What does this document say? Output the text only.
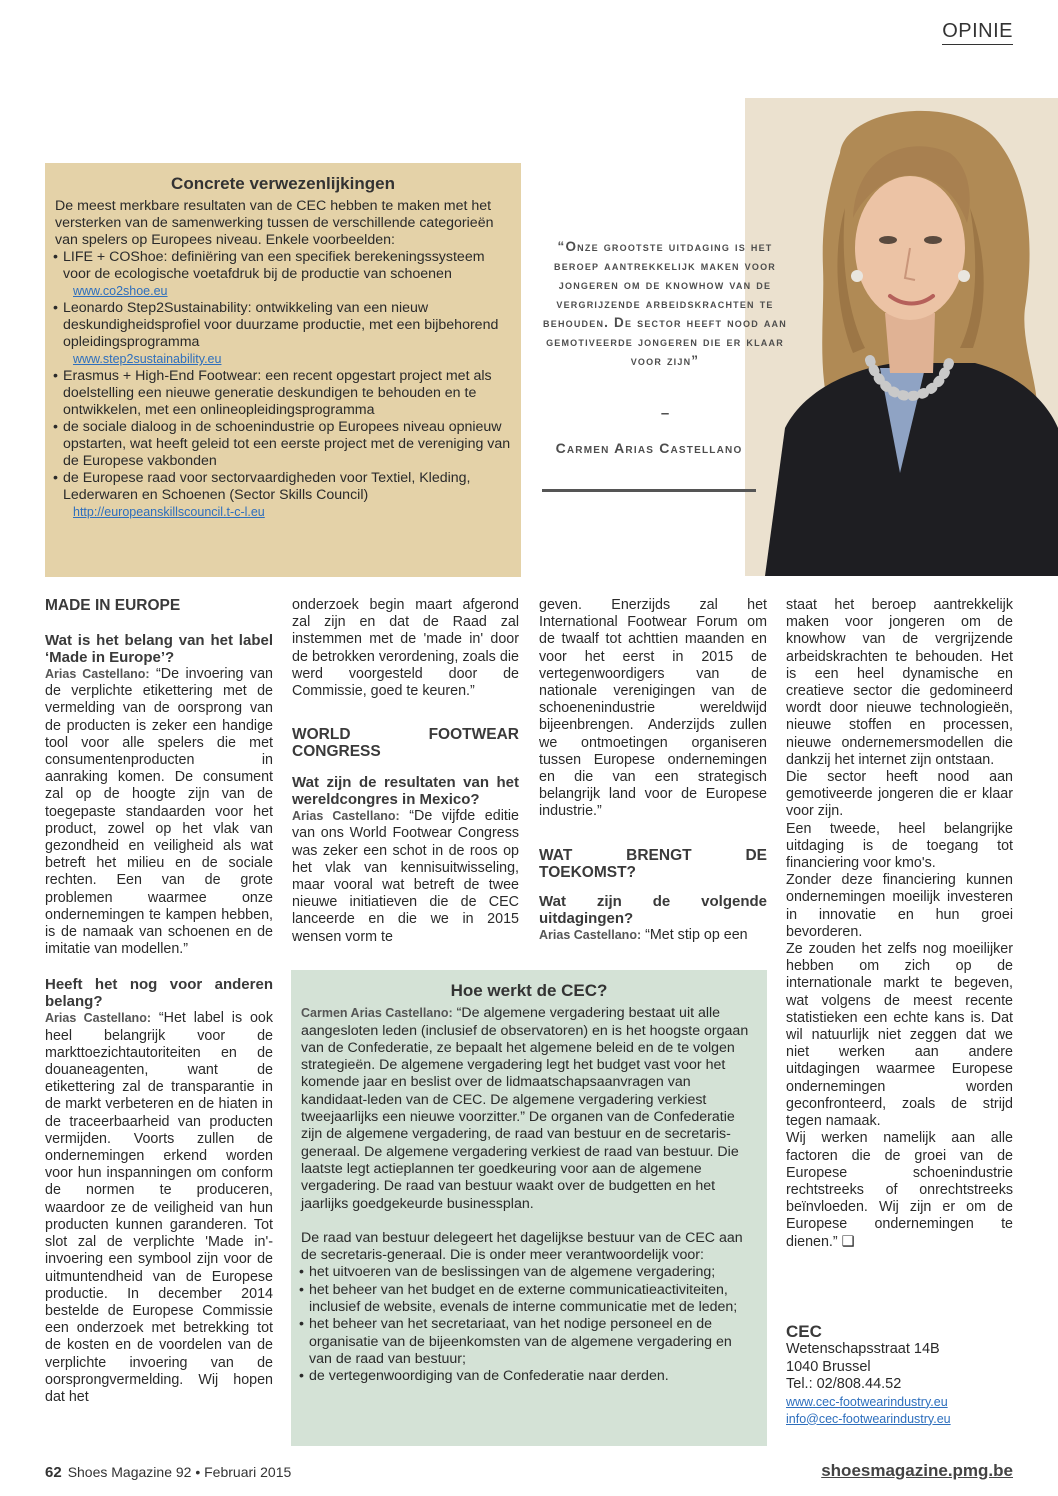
OPINIE
Concrete verwezenlijkingen

De meest merkbare resultaten van de CEC hebben te maken met het versterken van de samenwerking tussen de verschillende categorieën van spelers op Europees niveau. Enkele voorbeelden:

• LIFE + COShoe: definiëring van een specifiek berekeningssysteem voor de ecologische voetafdruk bij de productie van schoenen
www.co2shoe.eu
• Leonardo Step2Sustainability: ontwikkeling van een nieuw deskundigheidsprofiel voor duurzame productie, met een bijbehorend opleidingsprogramma
www.step2sustainability.eu
• Erasmus + High-End Footwear: een recent opgestart project met als doelstelling een nieuwe generatie deskundigen te behouden en te ontwikkelen, met een onlineopleidingsprogramma
• de sociale dialoog in de schoenindustrie op Europees niveau opnieuw opstarten, wat heeft geleid tot een eerste project met de vereniging van de Europese vakbonden
• de Europese raad voor sectorvaardigheden voor Textiel, Kleding, Lederwaren en Schoenen (Sector Skills Council)
http://europeanskillscouncil.t-c-l.eu
“Onze grootste uitdaging is het beroep aantrekkelijk maken voor jongeren om de knowhow van de vergrijzende arbeidskrachten te behouden. De sector heeft nood aan gemotiveerde jongeren die er klaar voor zijn”
–
Carmen Arias Castellano

MADE IN EUROPE

Wat is het belang van het label ‘Made in Europe’?

Arias Castellano: “De invoering van de verplichte etikettering met de vermelding van de oorsprong van de producten is zeker een handige tool voor alle spelers die met consumentenproducten in aanraking komen. De consument zal op de hoogte zijn van de toegepaste standaarden voor het product, zowel op het vlak van gezondheid en veiligheid als wat betreft het milieu en de sociale rechten. Een van de grote problemen waarmee onze ondernemingen te kampen hebben, is de namaak van schoenen en de imitatie van modellen.”

Heeft het nog voor anderen belang?

Arias Castellano: “Het label is ook heel belangrijk voor de markttoezichtautoriteiten en de douaneagenten, want de etikettering zal de transparantie in de markt verbeteren en de hiaten in de traceerbaarheid van producten vermijden. Voorts zullen de ondernemingen erkend worden voor hun inspanningen om conform de normen te produceren, waardoor ze de veiligheid van hun producten kunnen garanderen. Tot slot zal de verplichte 'Made in'-invoering een symbool zijn voor de uitmuntendheid van de Europese productie. In december 2014 bestelde de Europese Commissie een onderzoek met betrekking tot de kosten en de voordelen van de verplichte invoering van de oorsprongvermelding. Wij hopen dat het

onderzoek begin maart afgerond zal zijn en dat de Raad zal instemmen met de 'made in' door de betrokken verordening, zoals die werd voorgesteld door de Commissie, goed te keuren.”

WORLD FOOTWEAR CONGRESS

Wat zijn de resultaten van het wereldcongres in Mexico?

Arias Castellano: “De vijfde editie van ons World Footwear Congress was zeker een schot in de roos op het vlak van kennisuitwisseling, maar vooral wat betreft de twee nieuwe initiatieven die de CEC lanceerde en die we in 2015 wensen vorm te

geven. Enerzijds zal het International Footwear Forum om de twaalf tot achttien maanden en voor het eerst in 2015 de vertegenwoordigers van de nationale verenigingen van de schoenenindustrie wereldwijd bijeenbrengen. Anderzijds zullen we ontmoetingen organiseren tussen Europese ondernemingen en die van een strategisch belangrijk land voor de Europese industrie.”

WAT BRENGT DE TOEKOMST?

Wat zijn de volgende uitdagingen?

Arias Castellano: “Met stip op een

staat het beroep aantrekkelijk maken voor jongeren om de knowhow van de vergrijzende arbeidskrachten te behouden. Het is een heel dynamische en creatieve sector die gedomineerd wordt door nieuwe technologieën, nieuwe stoffen en processen, nieuwe ondernemersmodellen die dankzij het internet zijn ontstaan.

Die sector heeft nood aan gemotiveerde jongeren die er klaar voor zijn.

Een tweede, heel belangrijke uitdaging is de toegang tot financiering voor kmo's.

Zonder deze financiering kunnen ondernemingen moeilijk investeren in innovatie en hun groei bevorderen.

Ze zouden het zelfs nog moeilijker hebben om zich op de internationale markt te begeven, wat volgens de meest recente statistieken een echte kans is. Dat wil natuurlijk niet zeggen dat we niet werken aan andere uitdagingen waarmee Europese ondernemingen worden geconfronteerd, zoals de strijd tegen namaak.

Wij werken namelijk aan alle factoren die de groei van de Europese schoenindustrie rechtstreeks of onrechtstreeks beïnvloeden. Wij zijn er om de Europese ondernemingen te dienen.” ❑

Hoe werkt de CEC?

Carmen Arias Castellano: “De algemene vergadering bestaat uit alle aangesloten leden (inclusief de observatoren) en is het hoogste orgaan van de Confederatie, ze bepaalt het algemene beleid en de te volgen strategieën. De algemene vergadering legt het budget vast voor het komende jaar en beslist over de lidmaatschapsaanvragen van kandidaat-leden van de CEC. De algemene vergadering verkiest tweejaarlijks een nieuwe voorzitter.” De organen van de Confederatie zijn de algemene vergadering, de raad van bestuur en de secretaris-generaal. De algemene vergadering verkiest de raad van bestuur. Die laatste legt actieplannen ter goedkeuring voor aan de algemene vergadering. De raad van bestuur waakt over de budgetten en het jaarlijks goedgekeurde businessplan.

De raad van bestuur delegeert het dagelijkse bestuur van de CEC aan de secretaris-generaal. Die is onder meer verantwoordelijk voor:

• het uitvoeren van de beslissingen van de algemene vergadering;
• het beheer van het budget en de externe communicatieactiviteiten, inclusief de website, evenals de interne communicatie met de leden;
• het beheer van het secretariaat, van het nodige personeel en de organisatie van de bijeenkomsten van de algemene vergadering en van de raad van bestuur;
• de vertegenwoordiging van de Confederatie naar derden.
CEC
Wetenschapsstraat 14B
1040 Brussel
Tel.: 02/808.44.52
www.cec-footwearindustry.eu
info@cec-footwearindustry.eu
62 Shoes Magazine 92 • Februari 2015	shoesmagazine.pmg.be
